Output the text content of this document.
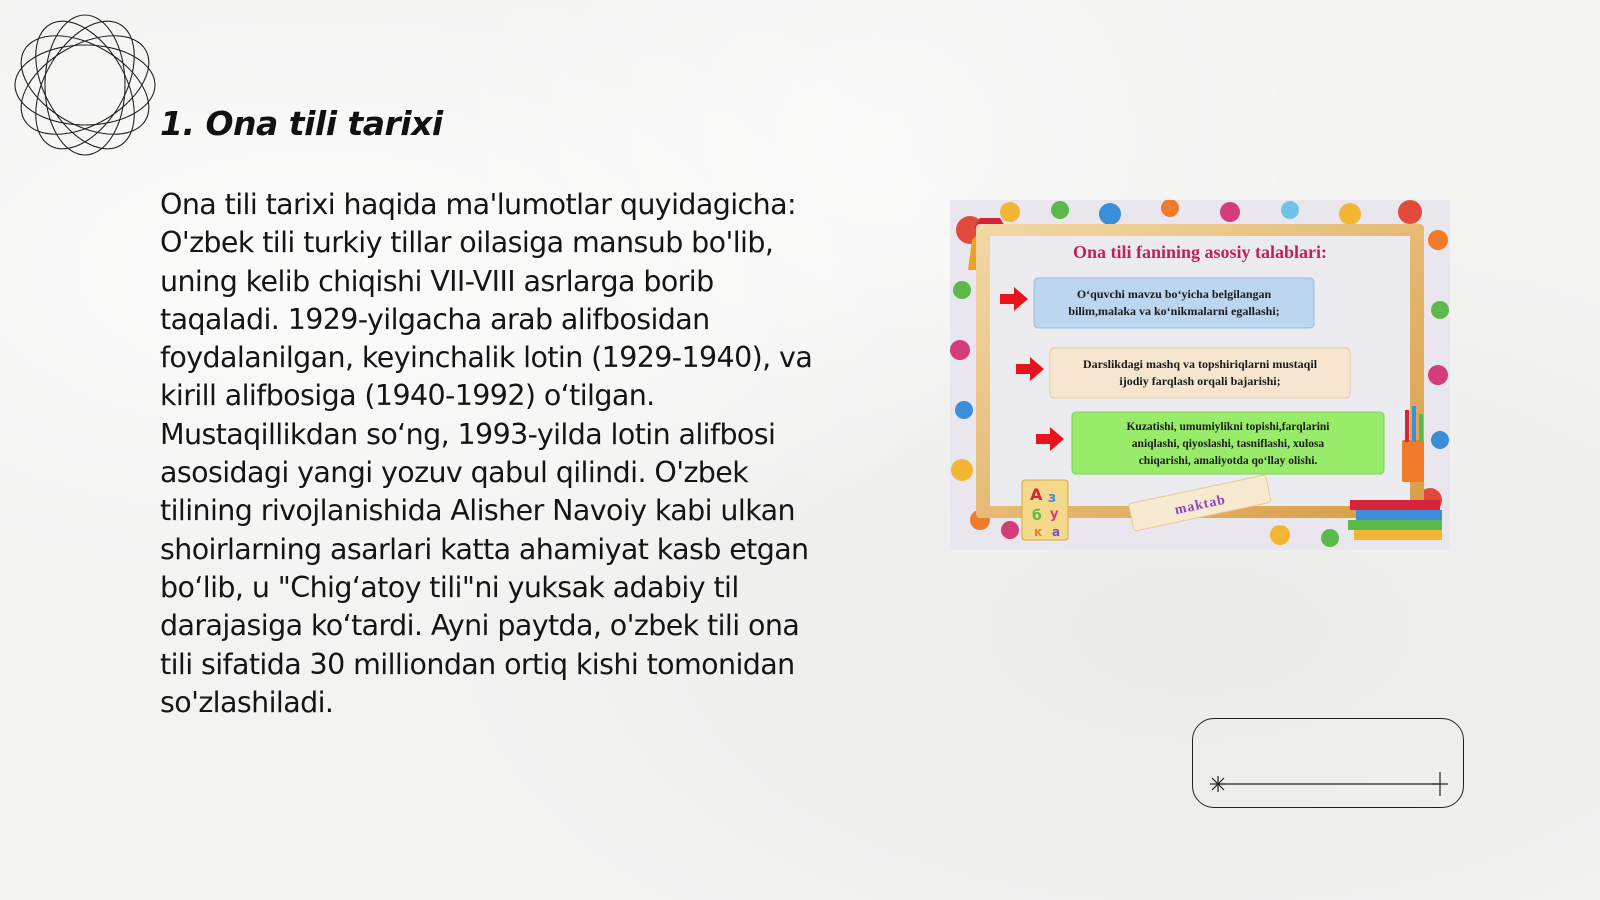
1. Ona tili tarixi

Ona tili tarixi haqida ma'lumotlar quyidagicha: O'zbek tili turkiy tillar oilasiga mansub bo'lib, uning kelib chiqishi VII-VIII asrlarga borib taqaladi. 1929-yilgacha arab alifbosidan foydalanilgan, keyinchalik lotin (1929-1940), va kirill alifbosiga (1940-1992) o‘tilgan. Mustaqillikdan so‘ng, 1993-yilda lotin alifbosi asosidagi yangi yozuv qabul qilindi. O'zbek tilining rivojlanishida Alisher Navoiy kabi ulkan shoirlarning asarlari katta ahamiyat kasb etgan bo‘lib, u "Chig‘atoy tili"ni yuksak adabiy til darajasiga ko‘tardi. Ayni paytda, o'zbek tili ona tili sifatida 30 milliondan ortiq kishi tomonidan so'zlashiladi.

Ona tili fanining asosiy talablari:
O‘quvchi mavzu bo‘yicha belgilangan
bilim,malaka va ko‘nikmalarni egallashi;
Darslikdagi mashq va topshiriqlarni mustaqil
ijodiy farqlash orqali bajarishi;
Kuzatishi, umumiylikni topishi,farqlarini
aniqlashi, qiyoslashi, tasniflashi, xulosa
chiqarishi, amaliyotda qo‘llay olishi.
А з
б у
к а
maktab
